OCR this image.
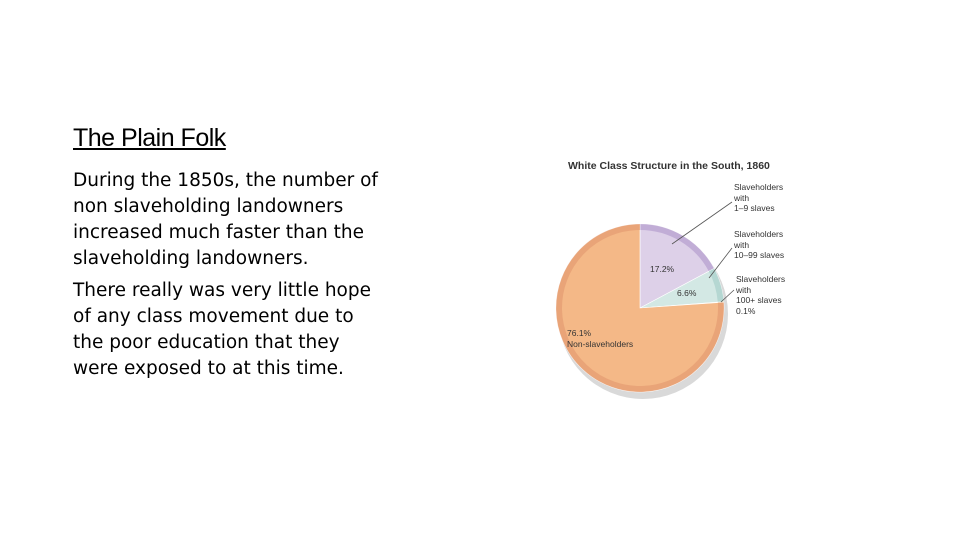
The Plain Folk

During the 1850s, the number of non slaveholding landowners increased much faster than the slaveholding landowners.

There really was very little hope of any class movement due to the poor education that they were exposed to at this time.

White Class Structure in the South, 1860
76.1%
Non-slaveholders
17.2%
6.6%
Slaveholders
with
1–9 slaves
Slaveholders
with
10–99 slaves
Slaveholders
with
100+ slaves
0.1%
